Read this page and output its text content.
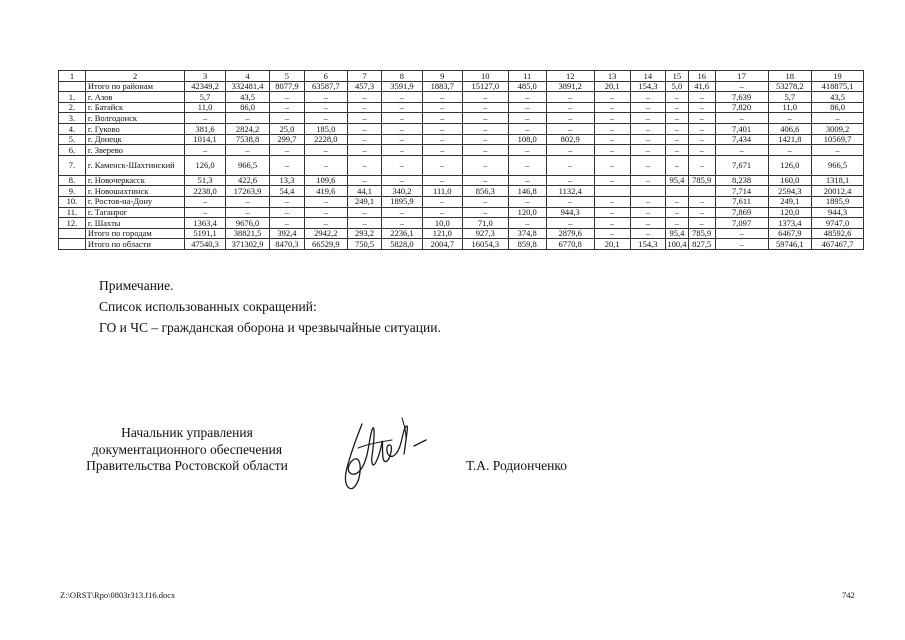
1	2	3	4	5	6	7	8	9	10	11	12	13	14	15	16	17	18	19
	Итого по районам	42349,2	332481,4	8077,9	63587,7	457,3	3591,9	1883,7	15127,0	485,0	3891,2	20,1	154,3	5,0	41,6	–	53278,2	418875,1
1.	г. Азов	5,7	43,5	–	–	–	–	–	–	–	–	–	–	–	–	7,639	5,7	43,5
2.	г. Батайск	11,0	86,0	–	–	–	–	–	–	–	–	–	–	–	–	7,820	11,0	86,0
3.	г. Волгодонск	–	–	–	–	–	–	–	–	–	–	–	–	–	–	–	–	–
4.	г. Гуково	381,6	2824,2	25,0	185,0	–	–	–	–	–	–	–	–	–	–	7,401	406,6	3009,2
5.	г. Донецк	1014,1	7538,8	299,7	2228,0	–	–	–	–	108,0	802,9	–	–	–	–	7,434	1421,8	10569,7
6.	г. Зверево	–	–	–	–	–	–	–	–	–	–	–	–	–	–	–	–	–
7.	г. Каменск-Шахтинский	126,0	966,5	–	–	–	–	–	–	–	–	–	–	–	–	7,671	126,0	966,5
8.	г. Новочеркасск	51,3	422,6	13,3	109,6	–	–	–	–	–	–	–	–	95,4	785,9	8,238	160,0	1318,1
9.	г. Новошахтинск	2238,0	17263,9	54,4	419,6	44,1	340,2	111,0	856,3	146,8	1132,4					7,714	2594,3	20012,4
10.	г. Ростов-на-Дону	–	–	–	–	249,1	1895,9	–	–	–	–	–	–	–	–	7,611	249,1	1895,9
11.	г. Таганрог	–	–	–	–	–	–	–	–	120,0	944,3	–	–	–	–	7,869	120,0	944,3
12.	г. Шахты	1363,4	9676,0	–	–	–	–	10,0	71,0	–	–	–	–	–	–	7,097	1373,4	9747,0
	Итого по городам	5191,1	38821,5	392,4	2942,2	293,2	2236,1	121,0	927,3	374,8	2879,6	–	–	95,4	785,9	–	6467,9	48592,6
	Итого по области	47540,3	371302,9	8470,3	66529,9	750,5	5828,0	2004,7	16054,3	859,8	6770,8	20,1	154,3	100,4	827,5	–	59746,1	467467,7
Примечание.
Список использованных сокращений:
ГО и ЧС – гражданская оборона и чрезвычайные ситуации.
Начальник управления
документационного обеспечения
Правительства Ростовской области	Т.А. Родионченко
Z:\ORST\Rpo\0803r313.f16.docx	742
